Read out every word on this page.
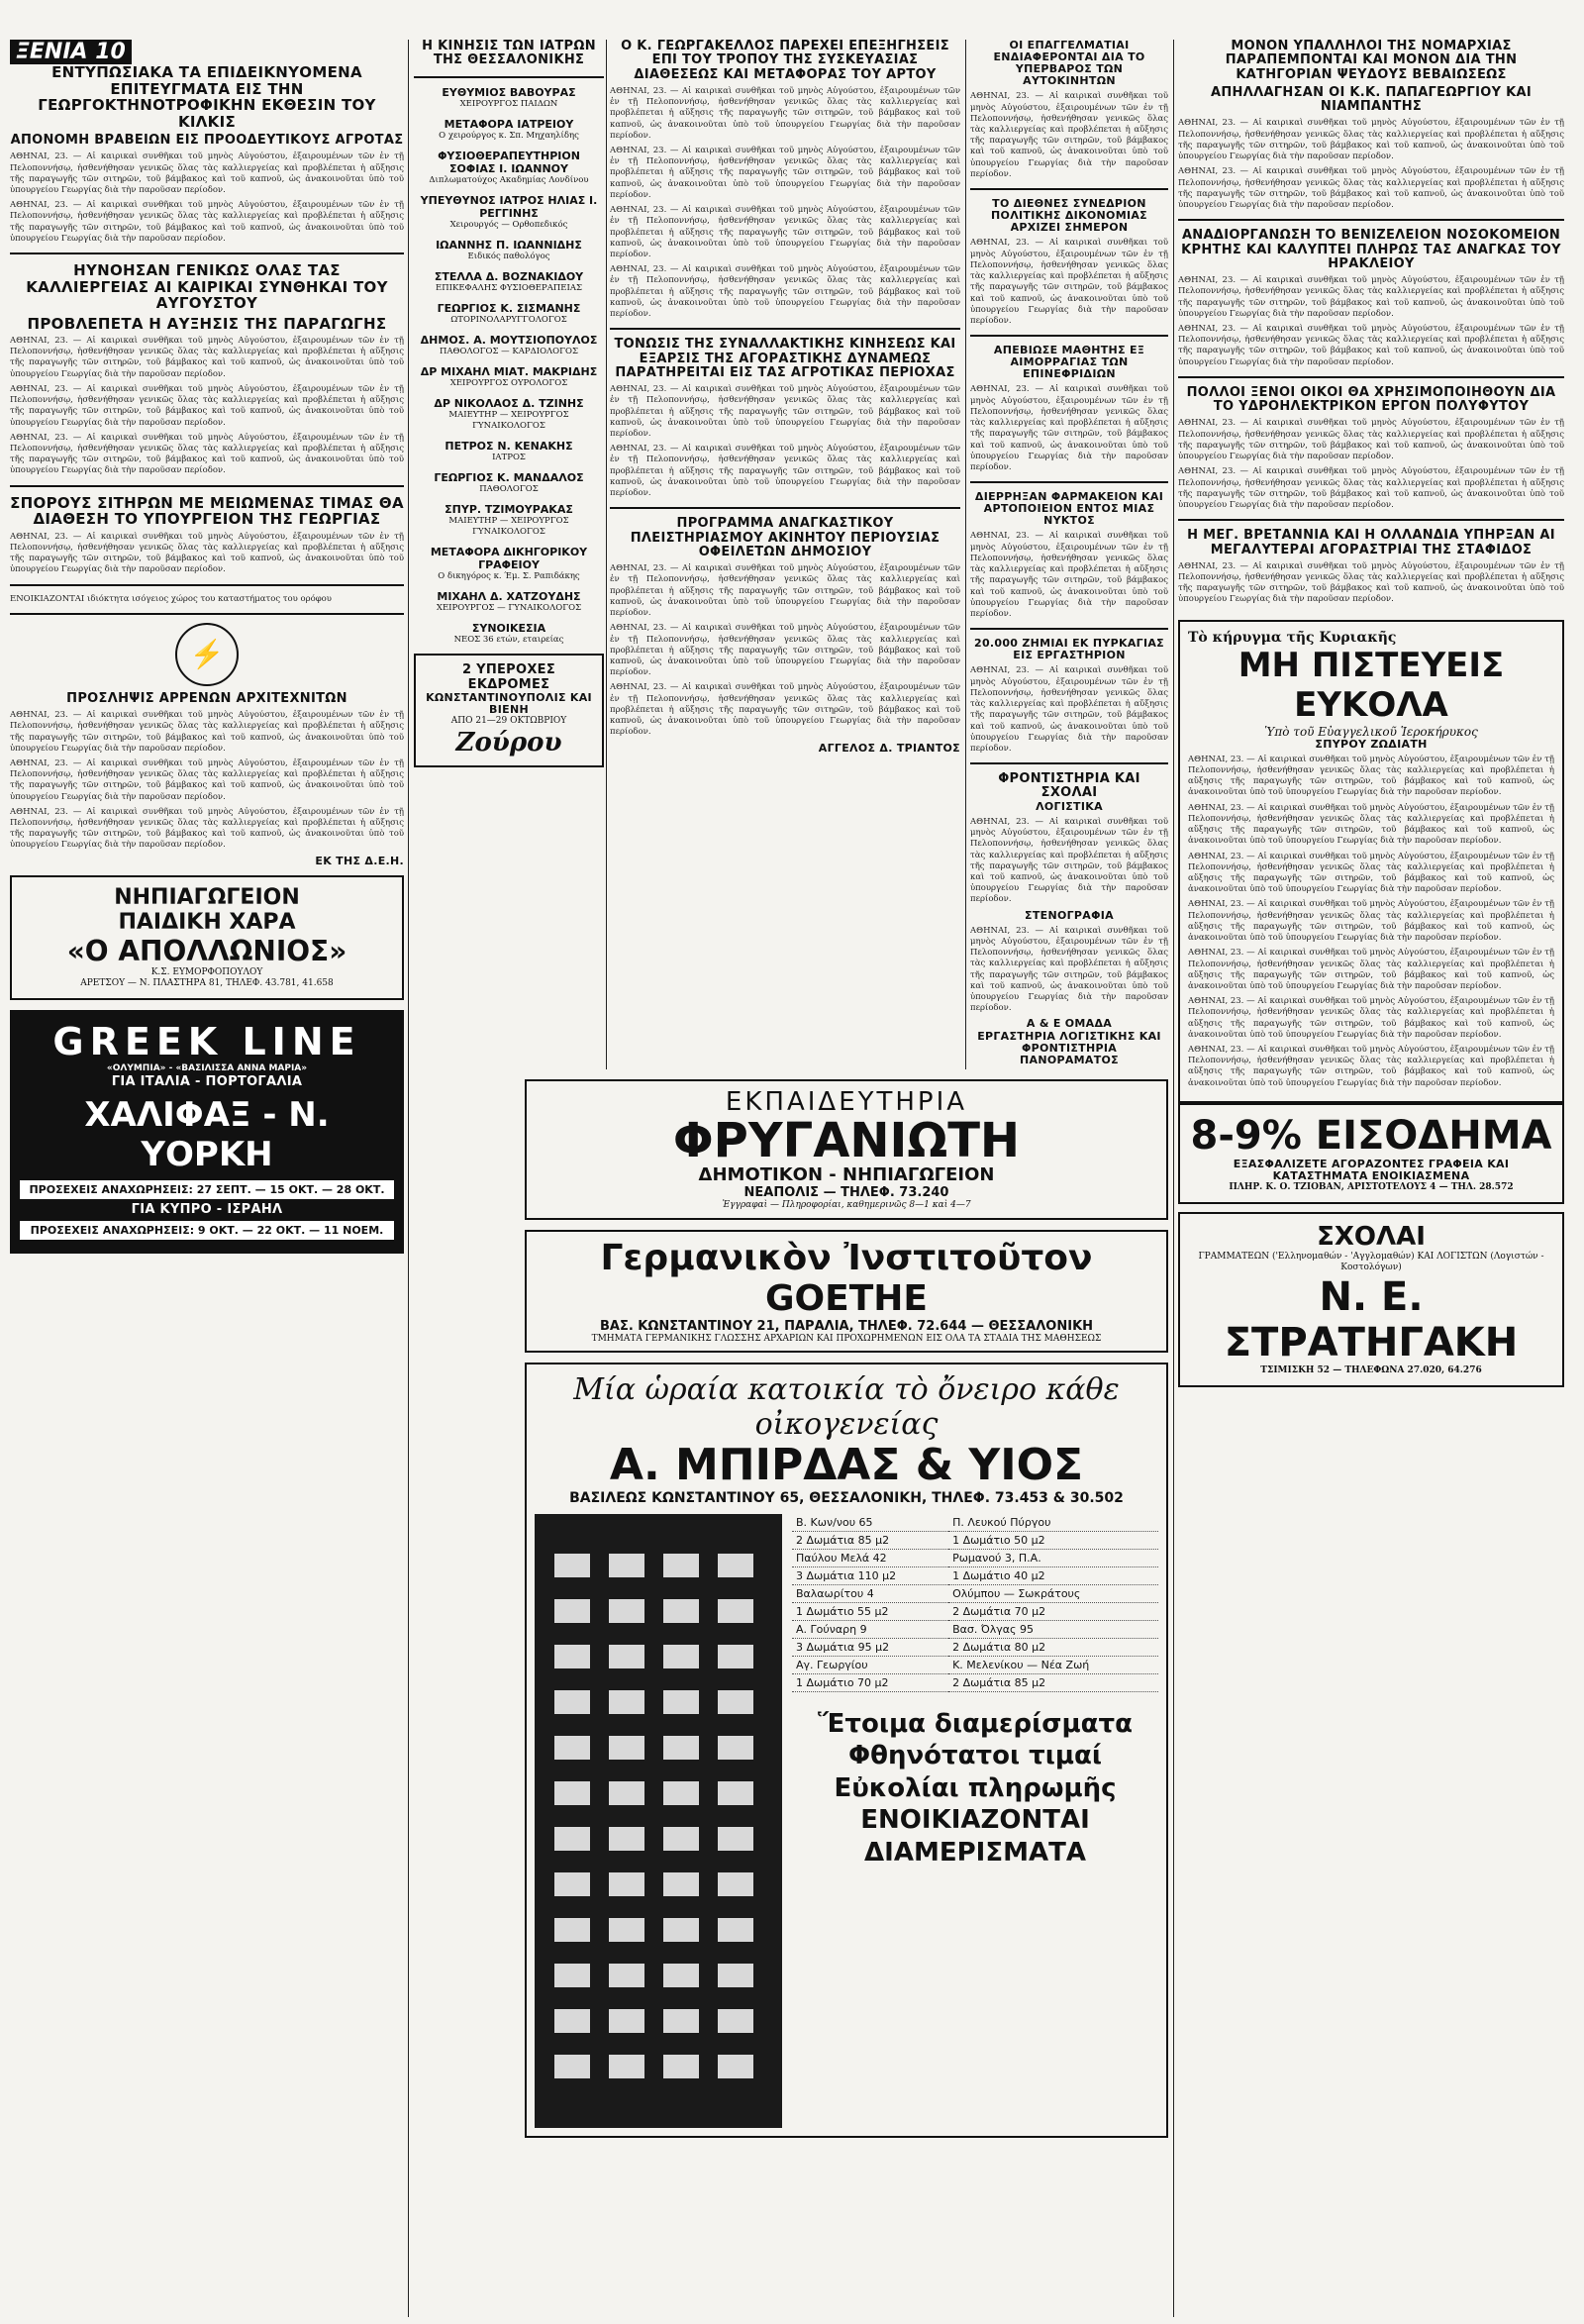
ΞΕΝΙΑ 10
ΕΝΤΥΠΩΣΙΑΚΑ ΤΑ ΕΠΙΔΕΙΚΝΥΟΜΕΝΑ ΕΠΙΤΕΥΓΜΑΤΑ ΕΙΣ ΤΗΝ ΓΕΩΡΓΟΚΤΗΝΟΤΡΟΦΙΚΗΝ ΕΚΘΕΣΙΝ ΤΟΥ ΚΙΛΚΙΣ
ΑΠΟΝΟΜΗ ΒΡΑΒΕΙΩΝ ΕΙΣ ΠΡΟΟΔΕΥΤΙΚΟΥΣ ΑΓΡΟΤΑΣ

ΑΘΗΝΑΙ, 23. — Αἱ καιρικαὶ συνθῆκαι τοῦ μηνὸς Αὐγούστου, ἐξαιρουμένων τῶν ἐν τῇ Πελοποννήσῳ, ἠσθενήθησαν γενικῶς ὅλας τὰς καλλιεργείας καὶ προβλέπεται ἡ αὔξησις τῆς παραγωγῆς τῶν σιτηρῶν, τοῦ βάμβακος καὶ τοῦ καπνοῦ, ὡς ἀνακοινοῦται ὑπὸ τοῦ ὑπουργείου Γεωργίας διὰ τὴν παροῦσαν περίοδον.

ΑΘΗΝΑΙ, 23. — Αἱ καιρικαὶ συνθῆκαι τοῦ μηνὸς Αὐγούστου, ἐξαιρουμένων τῶν ἐν τῇ Πελοποννήσῳ, ἠσθενήθησαν γενικῶς ὅλας τὰς καλλιεργείας καὶ προβλέπεται ἡ αὔξησις τῆς παραγωγῆς τῶν σιτηρῶν, τοῦ βάμβακος καὶ τοῦ καπνοῦ, ὡς ἀνακοινοῦται ὑπὸ τοῦ ὑπουργείου Γεωργίας διὰ τὴν παροῦσαν περίοδον.

ΗΥΝΟΗΣΑΝ ΓΕΝΙΚΩΣ ΟΛΑΣ ΤΑΣ ΚΑΛΛΙΕΡΓΕΙΑΣ ΑΙ ΚΑΙΡΙΚΑΙ ΣΥΝΘΗΚΑΙ ΤΟΥ ΑΥΓΟΥΣΤΟΥ
ΠΡΟΒΛΕΠΕΤΑ Η ΑΥΞΗΣΙΣ ΤΗΣ ΠΑΡΑΓΩΓΗΣ

ΑΘΗΝΑΙ, 23. — Αἱ καιρικαὶ συνθῆκαι τοῦ μηνὸς Αὐγούστου, ἐξαιρουμένων τῶν ἐν τῇ Πελοποννήσῳ, ἠσθενήθησαν γενικῶς ὅλας τὰς καλλιεργείας καὶ προβλέπεται ἡ αὔξησις τῆς παραγωγῆς τῶν σιτηρῶν, τοῦ βάμβακος καὶ τοῦ καπνοῦ, ὡς ἀνακοινοῦται ὑπὸ τοῦ ὑπουργείου Γεωργίας διὰ τὴν παροῦσαν περίοδον.

ΑΘΗΝΑΙ, 23. — Αἱ καιρικαὶ συνθῆκαι τοῦ μηνὸς Αὐγούστου, ἐξαιρουμένων τῶν ἐν τῇ Πελοποννήσῳ, ἠσθενήθησαν γενικῶς ὅλας τὰς καλλιεργείας καὶ προβλέπεται ἡ αὔξησις τῆς παραγωγῆς τῶν σιτηρῶν, τοῦ βάμβακος καὶ τοῦ καπνοῦ, ὡς ἀνακοινοῦται ὑπὸ τοῦ ὑπουργείου Γεωργίας διὰ τὴν παροῦσαν περίοδον.

ΑΘΗΝΑΙ, 23. — Αἱ καιρικαὶ συνθῆκαι τοῦ μηνὸς Αὐγούστου, ἐξαιρουμένων τῶν ἐν τῇ Πελοποννήσῳ, ἠσθενήθησαν γενικῶς ὅλας τὰς καλλιεργείας καὶ προβλέπεται ἡ αὔξησις τῆς παραγωγῆς τῶν σιτηρῶν, τοῦ βάμβακος καὶ τοῦ καπνοῦ, ὡς ἀνακοινοῦται ὑπὸ τοῦ ὑπουργείου Γεωργίας διὰ τὴν παροῦσαν περίοδον.

ΣΠΟΡΟΥΣ ΣΙΤΗΡΩΝ ΜΕ ΜΕΙΩΜΕΝΑΣ ΤΙΜΑΣ ΘΑ ΔΙΑΘΕΣΗ ΤΟ ΥΠΟΥΡΓΕΙΟΝ ΤΗΣ ΓΕΩΡΓΙΑΣ

ΑΘΗΝΑΙ, 23. — Αἱ καιρικαὶ συνθῆκαι τοῦ μηνὸς Αὐγούστου, ἐξαιρουμένων τῶν ἐν τῇ Πελοποννήσῳ, ἠσθενήθησαν γενικῶς ὅλας τὰς καλλιεργείας καὶ προβλέπεται ἡ αὔξησις τῆς παραγωγῆς τῶν σιτηρῶν, τοῦ βάμβακος καὶ τοῦ καπνοῦ, ὡς ἀνακοινοῦται ὑπὸ τοῦ ὑπουργείου Γεωργίας διὰ τὴν παροῦσαν περίοδον.

ΕΝΟΙΚΙΑΖΟΝΤΑΙ ιδιόκτητα ισόγειος χώρος του καταστήματος του ορόφου

⚡
ΠΡΟΣΛΗΨΙΣ ΑΡΡΕΝΩΝ ΑΡΧΙΤΕΧΝΙΤΩΝ

ΑΘΗΝΑΙ, 23. — Αἱ καιρικαὶ συνθῆκαι τοῦ μηνὸς Αὐγούστου, ἐξαιρουμένων τῶν ἐν τῇ Πελοποννήσῳ, ἠσθενήθησαν γενικῶς ὅλας τὰς καλλιεργείας καὶ προβλέπεται ἡ αὔξησις τῆς παραγωγῆς τῶν σιτηρῶν, τοῦ βάμβακος καὶ τοῦ καπνοῦ, ὡς ἀνακοινοῦται ὑπὸ τοῦ ὑπουργείου Γεωργίας διὰ τὴν παροῦσαν περίοδον.

ΑΘΗΝΑΙ, 23. — Αἱ καιρικαὶ συνθῆκαι τοῦ μηνὸς Αὐγούστου, ἐξαιρουμένων τῶν ἐν τῇ Πελοποννήσῳ, ἠσθενήθησαν γενικῶς ὅλας τὰς καλλιεργείας καὶ προβλέπεται ἡ αὔξησις τῆς παραγωγῆς τῶν σιτηρῶν, τοῦ βάμβακος καὶ τοῦ καπνοῦ, ὡς ἀνακοινοῦται ὑπὸ τοῦ ὑπουργείου Γεωργίας διὰ τὴν παροῦσαν περίοδον.

ΑΘΗΝΑΙ, 23. — Αἱ καιρικαὶ συνθῆκαι τοῦ μηνὸς Αὐγούστου, ἐξαιρουμένων τῶν ἐν τῇ Πελοποννήσῳ, ἠσθενήθησαν γενικῶς ὅλας τὰς καλλιεργείας καὶ προβλέπεται ἡ αὔξησις τῆς παραγωγῆς τῶν σιτηρῶν, τοῦ βάμβακος καὶ τοῦ καπνοῦ, ὡς ἀνακοινοῦται ὑπὸ τοῦ ὑπουργείου Γεωργίας διὰ τὴν παροῦσαν περίοδον.

ΕΚ ΤΗΣ Δ.Ε.Η.
ΝΗΠΙΑΓΩΓΕΙΟΝ
ΠΑΙΔΙΚΗ ΧΑΡΑ
«Ο ΑΠΟΛΛΩΝΙΟΣ»
Κ.Σ. ΕΥΜΟΡΦΟΠΟΥΛΟΥ
ΑΡΕΤΣΟΥ — Ν. ΠΛΑΣΤΗΡΑ 81, ΤΗΛΕΦ. 43.781, 41.658
GREEK LINE
«ΟΛΥΜΠΙΑ» - «ΒΑΣΙΛΙΣΣΑ ΑΝΝΑ ΜΑΡΙΑ»
ΓΙΑ ΙΤΑΛΙΑ - ΠΟΡΤΟΓΑΛΙΑ
ΧΑΛΙΦΑΞ - Ν. ΥΟΡΚΗ
ΠΡΟΣΕΧΕΙΣ ΑΝΑΧΩΡΗΣΕΙΣ: 27 ΣΕΠΤ. — 15 ΟΚΤ. — 28 ΟΚΤ.
ΓΙΑ ΚΥΠΡΟ - ΙΣΡΑΗΛ
ΠΡΟΣΕΧΕΙΣ ΑΝΑΧΩΡΗΣΕΙΣ: 9 ΟΚΤ. — 22 ΟΚΤ. — 11 ΝΟΕΜ.
Η ΚΙΝΗΣΙΣ ΤΩΝ ΙΑΤΡΩΝ ΤΗΣ ΘΕΣΣΑΛΟΝΙΚΗΣ
ΕΥΘΥΜΙΟΣ ΒΑΒΟΥΡΑΣ
ΧΕΙΡΟΥΡΓΟΣ ΠΑΙΔΩΝ
ΜΕΤΑΦΟΡΑ ΙΑΤΡΕΙΟΥ
Ο χειρούργος κ. Σπ. Μηχαηλίδης
ΦΥΣΙΟΘΕΡΑΠΕΥΤΗΡΙΟΝ ΣΟΦΙΑΣ Ι. ΙΩΑΝΝΟΥ
Διπλωματούχος Ακαδημίας Λονδίνου
ΥΠΕΥΘΥΝΟΣ ΙΑΤΡΟΣ ΗΛΙΑΣ Ι. ΡΕΓΓΙΝΗΣ
Χειρουργός — Ορθοπεδικός
ΙΩΑΝΝΗΣ Π. ΙΩΑΝΝΙΔΗΣ
Ειδικός παθολόγος
ΣΤΕΛΛΑ Δ. ΒΟΖΝΑΚΙΔΟΥ
ΕΠΙΚΕΦΑΛΗΣ ΦΥΣΙΟΘΕΡΑΠΕΙΑΣ
ΓΕΩΡΓΙΟΣ Κ. ΣΙΣΜΑΝΗΣ
ΩΤΟΡΙΝΟΛΑΡΥΓΓΟΛΟΓΟΣ
ΔΗΜΟΣ. Α. ΜΟΥΤΣΙΟΠΟΥΛΟΣ
ΠΑΘΟΛΟΓΟΣ — ΚΑΡΔΙΟΛΟΓΟΣ
ΔΡ ΜΙΧΑΗΛ ΜΙΑΤ. ΜΑΚΡΙΔΗΣ
ΧΕΙΡΟΥΡΓΟΣ ΟΥΡΟΛΟΓΟΣ
ΔΡ ΝΙΚΟΛΑΟΣ Δ. ΤΖΙΝΗΣ
ΜΑΙΕΥΤΗΡ — ΧΕΙΡΟΥΡΓΟΣ ΓΥΝΑΙΚΟΛΟΓΟΣ
ΠΕΤΡΟΣ Ν. ΚΕΝΑΚΗΣ
ΙΑΤΡΟΣ
ΓΕΩΡΓΙΟΣ Κ. ΜΑΝΔΑΛΟΣ
ΠΑΘΟΛΟΓΟΣ
ΣΠΥΡ. ΤΖΙΜΟΥΡΑΚΑΣ
ΜΑΙΕΥΤΗΡ — ΧΕΙΡΟΥΡΓΟΣ ΓΥΝΑΙΚΟΛΟΓΟΣ
ΜΕΤΑΦΟΡΑ ΔΙΚΗΓΟΡΙΚΟΥ ΓΡΑΦΕΙΟΥ
Ο δικηγόρος κ. Έμ. Σ. Ραπιδάκης
ΜΙΧΑΗΛ Δ. ΧΑΤΖΟΥΔΗΣ
ΧΕΙΡΟΥΡΓΟΣ — ΓΥΝΑΙΚΟΛΟΓΟΣ
ΣΥΝΟΙΚΕΣΙΑ
ΝΕΟΣ 36 ετών, εταιρείας
2 ΥΠΕΡΟΧΕΣ ΕΚΔΡΟΜΕΣ
ΚΩΝΣΤΑΝΤΙΝΟΥΠΟΛΙΣ ΚΑΙ ΒΙΕΝΗ
ΑΠΟ 21—29 ΟΚΤΩΒΡΙΟΥ
Ζούρου
Ο Κ. ΓΕΩΡΓΑΚΕΛΛΟΣ ΠΑΡΕΧΕΙ ΕΠΕΞΗΓΗΣΕΙΣ ΕΠΙ ΤΟΥ ΤΡΟΠΟΥ ΤΗΣ ΣΥΣΚΕΥΑΣΙΑΣ ΔΙΑΘΕΣΕΩΣ ΚΑΙ ΜΕΤΑΦΟΡΑΣ ΤΟΥ ΑΡΤΟΥ

ΑΘΗΝΑΙ, 23. — Αἱ καιρικαὶ συνθῆκαι τοῦ μηνὸς Αὐγούστου, ἐξαιρουμένων τῶν ἐν τῇ Πελοποννήσῳ, ἠσθενήθησαν γενικῶς ὅλας τὰς καλλιεργείας καὶ προβλέπεται ἡ αὔξησις τῆς παραγωγῆς τῶν σιτηρῶν, τοῦ βάμβακος καὶ τοῦ καπνοῦ, ὡς ἀνακοινοῦται ὑπὸ τοῦ ὑπουργείου Γεωργίας διὰ τὴν παροῦσαν περίοδον.

ΑΘΗΝΑΙ, 23. — Αἱ καιρικαὶ συνθῆκαι τοῦ μηνὸς Αὐγούστου, ἐξαιρουμένων τῶν ἐν τῇ Πελοποννήσῳ, ἠσθενήθησαν γενικῶς ὅλας τὰς καλλιεργείας καὶ προβλέπεται ἡ αὔξησις τῆς παραγωγῆς τῶν σιτηρῶν, τοῦ βάμβακος καὶ τοῦ καπνοῦ, ὡς ἀνακοινοῦται ὑπὸ τοῦ ὑπουργείου Γεωργίας διὰ τὴν παροῦσαν περίοδον.

ΑΘΗΝΑΙ, 23. — Αἱ καιρικαὶ συνθῆκαι τοῦ μηνὸς Αὐγούστου, ἐξαιρουμένων τῶν ἐν τῇ Πελοποννήσῳ, ἠσθενήθησαν γενικῶς ὅλας τὰς καλλιεργείας καὶ προβλέπεται ἡ αὔξησις τῆς παραγωγῆς τῶν σιτηρῶν, τοῦ βάμβακος καὶ τοῦ καπνοῦ, ὡς ἀνακοινοῦται ὑπὸ τοῦ ὑπουργείου Γεωργίας διὰ τὴν παροῦσαν περίοδον.

ΑΘΗΝΑΙ, 23. — Αἱ καιρικαὶ συνθῆκαι τοῦ μηνὸς Αὐγούστου, ἐξαιρουμένων τῶν ἐν τῇ Πελοποννήσῳ, ἠσθενήθησαν γενικῶς ὅλας τὰς καλλιεργείας καὶ προβλέπεται ἡ αὔξησις τῆς παραγωγῆς τῶν σιτηρῶν, τοῦ βάμβακος καὶ τοῦ καπνοῦ, ὡς ἀνακοινοῦται ὑπὸ τοῦ ὑπουργείου Γεωργίας διὰ τὴν παροῦσαν περίοδον.

ΤΟΝΩΣΙΣ ΤΗΣ ΣΥΝΑΛΛΑΚΤΙΚΗΣ ΚΙΝΗΣΕΩΣ ΚΑΙ ΕΞΑΡΣΙΣ ΤΗΣ ΑΓΟΡΑΣΤΙΚΗΣ ΔΥΝΑΜΕΩΣ ΠΑΡΑΤΗΡΕΙΤΑΙ ΕΙΣ ΤΑΣ ΑΓΡΟΤΙΚΑΣ ΠΕΡΙΟΧΑΣ

ΑΘΗΝΑΙ, 23. — Αἱ καιρικαὶ συνθῆκαι τοῦ μηνὸς Αὐγούστου, ἐξαιρουμένων τῶν ἐν τῇ Πελοποννήσῳ, ἠσθενήθησαν γενικῶς ὅλας τὰς καλλιεργείας καὶ προβλέπεται ἡ αὔξησις τῆς παραγωγῆς τῶν σιτηρῶν, τοῦ βάμβακος καὶ τοῦ καπνοῦ, ὡς ἀνακοινοῦται ὑπὸ τοῦ ὑπουργείου Γεωργίας διὰ τὴν παροῦσαν περίοδον.

ΑΘΗΝΑΙ, 23. — Αἱ καιρικαὶ συνθῆκαι τοῦ μηνὸς Αὐγούστου, ἐξαιρουμένων τῶν ἐν τῇ Πελοποννήσῳ, ἠσθενήθησαν γενικῶς ὅλας τὰς καλλιεργείας καὶ προβλέπεται ἡ αὔξησις τῆς παραγωγῆς τῶν σιτηρῶν, τοῦ βάμβακος καὶ τοῦ καπνοῦ, ὡς ἀνακοινοῦται ὑπὸ τοῦ ὑπουργείου Γεωργίας διὰ τὴν παροῦσαν περίοδον.

ΠΡΟΓΡΑΜΜΑ ΑΝΑΓΚΑΣΤΙΚΟΥ ΠΛΕΙΣΤΗΡΙΑΣΜΟΥ ΑΚΙΝΗΤΟΥ ΠΕΡΙΟΥΣΙΑΣ ΟΦΕΙΛΕΤΩΝ ΔΗΜΟΣΙΟΥ

ΑΘΗΝΑΙ, 23. — Αἱ καιρικαὶ συνθῆκαι τοῦ μηνὸς Αὐγούστου, ἐξαιρουμένων τῶν ἐν τῇ Πελοποννήσῳ, ἠσθενήθησαν γενικῶς ὅλας τὰς καλλιεργείας καὶ προβλέπεται ἡ αὔξησις τῆς παραγωγῆς τῶν σιτηρῶν, τοῦ βάμβακος καὶ τοῦ καπνοῦ, ὡς ἀνακοινοῦται ὑπὸ τοῦ ὑπουργείου Γεωργίας διὰ τὴν παροῦσαν περίοδον.

ΑΘΗΝΑΙ, 23. — Αἱ καιρικαὶ συνθῆκαι τοῦ μηνὸς Αὐγούστου, ἐξαιρουμένων τῶν ἐν τῇ Πελοποννήσῳ, ἠσθενήθησαν γενικῶς ὅλας τὰς καλλιεργείας καὶ προβλέπεται ἡ αὔξησις τῆς παραγωγῆς τῶν σιτηρῶν, τοῦ βάμβακος καὶ τοῦ καπνοῦ, ὡς ἀνακοινοῦται ὑπὸ τοῦ ὑπουργείου Γεωργίας διὰ τὴν παροῦσαν περίοδον.

ΑΘΗΝΑΙ, 23. — Αἱ καιρικαὶ συνθῆκαι τοῦ μηνὸς Αὐγούστου, ἐξαιρουμένων τῶν ἐν τῇ Πελοποννήσῳ, ἠσθενήθησαν γενικῶς ὅλας τὰς καλλιεργείας καὶ προβλέπεται ἡ αὔξησις τῆς παραγωγῆς τῶν σιτηρῶν, τοῦ βάμβακος καὶ τοῦ καπνοῦ, ὡς ἀνακοινοῦται ὑπὸ τοῦ ὑπουργείου Γεωργίας διὰ τὴν παροῦσαν περίοδον.

ΑΓΓΕΛΟΣ Δ. ΤΡΙΑΝΤΟΣ
ΟΙ ΕΠΑΓΓΕΛΜΑΤΙΑΙ ΕΝΔΙΑΦΕΡΟΝΤΑΙ ΔΙΑ ΤΟ ΥΠΕΡΒΑΡΟΣ ΤΩΝ ΑΥΤΟΚΙΝΗΤΩΝ

ΑΘΗΝΑΙ, 23. — Αἱ καιρικαὶ συνθῆκαι τοῦ μηνὸς Αὐγούστου, ἐξαιρουμένων τῶν ἐν τῇ Πελοποννήσῳ, ἠσθενήθησαν γενικῶς ὅλας τὰς καλλιεργείας καὶ προβλέπεται ἡ αὔξησις τῆς παραγωγῆς τῶν σιτηρῶν, τοῦ βάμβακος καὶ τοῦ καπνοῦ, ὡς ἀνακοινοῦται ὑπὸ τοῦ ὑπουργείου Γεωργίας διὰ τὴν παροῦσαν περίοδον.

ΤΟ ΔΙΕΘΝΕΣ ΣΥΝΕΔΡΙΟΝ ΠΟΛΙΤΙΚΗΣ ΔΙΚΟΝΟΜΙΑΣ ΑΡΧΙΖΕΙ ΣΗΜΕΡΟΝ

ΑΘΗΝΑΙ, 23. — Αἱ καιρικαὶ συνθῆκαι τοῦ μηνὸς Αὐγούστου, ἐξαιρουμένων τῶν ἐν τῇ Πελοποννήσῳ, ἠσθενήθησαν γενικῶς ὅλας τὰς καλλιεργείας καὶ προβλέπεται ἡ αὔξησις τῆς παραγωγῆς τῶν σιτηρῶν, τοῦ βάμβακος καὶ τοῦ καπνοῦ, ὡς ἀνακοινοῦται ὑπὸ τοῦ ὑπουργείου Γεωργίας διὰ τὴν παροῦσαν περίοδον.

ΑΠΕΒΙΩΣΕ ΜΑΘΗΤΗΣ ΕΞ ΑΙΜΟΡΡΑΓΙΑΣ ΤΩΝ ΕΠΙΝΕΦΡΙΔΙΩΝ

ΑΘΗΝΑΙ, 23. — Αἱ καιρικαὶ συνθῆκαι τοῦ μηνὸς Αὐγούστου, ἐξαιρουμένων τῶν ἐν τῇ Πελοποννήσῳ, ἠσθενήθησαν γενικῶς ὅλας τὰς καλλιεργείας καὶ προβλέπεται ἡ αὔξησις τῆς παραγωγῆς τῶν σιτηρῶν, τοῦ βάμβακος καὶ τοῦ καπνοῦ, ὡς ἀνακοινοῦται ὑπὸ τοῦ ὑπουργείου Γεωργίας διὰ τὴν παροῦσαν περίοδον.

ΔΙΕΡΡΗΞΑΝ ΦΑΡΜΑΚΕΙΟΝ ΚΑΙ ΑΡΤΟΠΟΙΕΙΟΝ ΕΝΤΟΣ ΜΙΑΣ ΝΥΚΤΟΣ

ΑΘΗΝΑΙ, 23. — Αἱ καιρικαὶ συνθῆκαι τοῦ μηνὸς Αὐγούστου, ἐξαιρουμένων τῶν ἐν τῇ Πελοποννήσῳ, ἠσθενήθησαν γενικῶς ὅλας τὰς καλλιεργείας καὶ προβλέπεται ἡ αὔξησις τῆς παραγωγῆς τῶν σιτηρῶν, τοῦ βάμβακος καὶ τοῦ καπνοῦ, ὡς ἀνακοινοῦται ὑπὸ τοῦ ὑπουργείου Γεωργίας διὰ τὴν παροῦσαν περίοδον.

20.000 ΖΗΜΙΑΙ ΕΚ ΠΥΡΚΑΓΙΑΣ ΕΙΣ ΕΡΓΑΣΤΗΡΙΟΝ

ΑΘΗΝΑΙ, 23. — Αἱ καιρικαὶ συνθῆκαι τοῦ μηνὸς Αὐγούστου, ἐξαιρουμένων τῶν ἐν τῇ Πελοποννήσῳ, ἠσθενήθησαν γενικῶς ὅλας τὰς καλλιεργείας καὶ προβλέπεται ἡ αὔξησις τῆς παραγωγῆς τῶν σιτηρῶν, τοῦ βάμβακος καὶ τοῦ καπνοῦ, ὡς ἀνακοινοῦται ὑπὸ τοῦ ὑπουργείου Γεωργίας διὰ τὴν παροῦσαν περίοδον.

ΦΡΟΝΤΙΣΤΗΡΙΑ ΚΑΙ ΣΧΟΛΑΙ
ΛΟΓΙΣΤΙΚΑ

ΑΘΗΝΑΙ, 23. — Αἱ καιρικαὶ συνθῆκαι τοῦ μηνὸς Αὐγούστου, ἐξαιρουμένων τῶν ἐν τῇ Πελοποννήσῳ, ἠσθενήθησαν γενικῶς ὅλας τὰς καλλιεργείας καὶ προβλέπεται ἡ αὔξησις τῆς παραγωγῆς τῶν σιτηρῶν, τοῦ βάμβακος καὶ τοῦ καπνοῦ, ὡς ἀνακοινοῦται ὑπὸ τοῦ ὑπουργείου Γεωργίας διὰ τὴν παροῦσαν περίοδον.

ΣΤΕΝΟΓΡΑΦΙΑ

ΑΘΗΝΑΙ, 23. — Αἱ καιρικαὶ συνθῆκαι τοῦ μηνὸς Αὐγούστου, ἐξαιρουμένων τῶν ἐν τῇ Πελοποννήσῳ, ἠσθενήθησαν γενικῶς ὅλας τὰς καλλιεργείας καὶ προβλέπεται ἡ αὔξησις τῆς παραγωγῆς τῶν σιτηρῶν, τοῦ βάμβακος καὶ τοῦ καπνοῦ, ὡς ἀνακοινοῦται ὑπὸ τοῦ ὑπουργείου Γεωργίας διὰ τὴν παροῦσαν περίοδον.

Α & Ε ΟΜΑΔΑ
ΕΡΓΑΣΤΗΡΙΑ ΛΟΓΙΣΤΙΚΗΣ ΚΑΙ ΦΡΟΝΤΙΣΤΗΡΙΑ ΠΑΝΟΡΑΜΑΤΟΣ
ΜΟΝΟΝ ΥΠΑΛΛΗΛΟΙ ΤΗΣ ΝΟΜΑΡΧΙΑΣ ΠΑΡΑΠΕΜΠΟΝΤΑΙ ΚΑΙ ΜΟΝΟΝ ΔΙΑ ΤΗΝ ΚΑΤΗΓΟΡΙΑΝ ΨΕΥΔΟΥΣ ΒΕΒΑΙΩΣΕΩΣ
ΑΠΗΛΛΑΓΗΣΑΝ ΟΙ Κ.Κ. ΠΑΠΑΓΕΩΡΓΙΟΥ ΚΑΙ ΝΙΑΜΠΑΝΤΗΣ

ΑΘΗΝΑΙ, 23. — Αἱ καιρικαὶ συνθῆκαι τοῦ μηνὸς Αὐγούστου, ἐξαιρουμένων τῶν ἐν τῇ Πελοποννήσῳ, ἠσθενήθησαν γενικῶς ὅλας τὰς καλλιεργείας καὶ προβλέπεται ἡ αὔξησις τῆς παραγωγῆς τῶν σιτηρῶν, τοῦ βάμβακος καὶ τοῦ καπνοῦ, ὡς ἀνακοινοῦται ὑπὸ τοῦ ὑπουργείου Γεωργίας διὰ τὴν παροῦσαν περίοδον.

ΑΘΗΝΑΙ, 23. — Αἱ καιρικαὶ συνθῆκαι τοῦ μηνὸς Αὐγούστου, ἐξαιρουμένων τῶν ἐν τῇ Πελοποννήσῳ, ἠσθενήθησαν γενικῶς ὅλας τὰς καλλιεργείας καὶ προβλέπεται ἡ αὔξησις τῆς παραγωγῆς τῶν σιτηρῶν, τοῦ βάμβακος καὶ τοῦ καπνοῦ, ὡς ἀνακοινοῦται ὑπὸ τοῦ ὑπουργείου Γεωργίας διὰ τὴν παροῦσαν περίοδον.

ΑΝΑΔΙΟΡΓΑΝΩΣΗ ΤΟ ΒΕΝΙΖΕΛΕΙΟΝ ΝΟΣΟΚΟΜΕΙΟΝ ΚΡΗΤΗΣ ΚΑΙ ΚΑΛΥΠΤΕΙ ΠΛΗΡΩΣ ΤΑΣ ΑΝΑΓΚΑΣ ΤΟΥ ΗΡΑΚΛΕΙΟΥ

ΑΘΗΝΑΙ, 23. — Αἱ καιρικαὶ συνθῆκαι τοῦ μηνὸς Αὐγούστου, ἐξαιρουμένων τῶν ἐν τῇ Πελοποννήσῳ, ἠσθενήθησαν γενικῶς ὅλας τὰς καλλιεργείας καὶ προβλέπεται ἡ αὔξησις τῆς παραγωγῆς τῶν σιτηρῶν, τοῦ βάμβακος καὶ τοῦ καπνοῦ, ὡς ἀνακοινοῦται ὑπὸ τοῦ ὑπουργείου Γεωργίας διὰ τὴν παροῦσαν περίοδον.

ΑΘΗΝΑΙ, 23. — Αἱ καιρικαὶ συνθῆκαι τοῦ μηνὸς Αὐγούστου, ἐξαιρουμένων τῶν ἐν τῇ Πελοποννήσῳ, ἠσθενήθησαν γενικῶς ὅλας τὰς καλλιεργείας καὶ προβλέπεται ἡ αὔξησις τῆς παραγωγῆς τῶν σιτηρῶν, τοῦ βάμβακος καὶ τοῦ καπνοῦ, ὡς ἀνακοινοῦται ὑπὸ τοῦ ὑπουργείου Γεωργίας διὰ τὴν παροῦσαν περίοδον.

ΠΟΛΛΟΙ ΞΕΝΟΙ ΟΙΚΟΙ ΘΑ ΧΡΗΣΙΜΟΠΟΙΗΘΟΥΝ ΔΙΑ ΤΟ ΥΔΡΟΗΛΕΚΤΡΙΚΟΝ ΕΡΓΟΝ ΠΟΛΥΦΥΤΟΥ

ΑΘΗΝΑΙ, 23. — Αἱ καιρικαὶ συνθῆκαι τοῦ μηνὸς Αὐγούστου, ἐξαιρουμένων τῶν ἐν τῇ Πελοποννήσῳ, ἠσθενήθησαν γενικῶς ὅλας τὰς καλλιεργείας καὶ προβλέπεται ἡ αὔξησις τῆς παραγωγῆς τῶν σιτηρῶν, τοῦ βάμβακος καὶ τοῦ καπνοῦ, ὡς ἀνακοινοῦται ὑπὸ τοῦ ὑπουργείου Γεωργίας διὰ τὴν παροῦσαν περίοδον.

ΑΘΗΝΑΙ, 23. — Αἱ καιρικαὶ συνθῆκαι τοῦ μηνὸς Αὐγούστου, ἐξαιρουμένων τῶν ἐν τῇ Πελοποννήσῳ, ἠσθενήθησαν γενικῶς ὅλας τὰς καλλιεργείας καὶ προβλέπεται ἡ αὔξησις τῆς παραγωγῆς τῶν σιτηρῶν, τοῦ βάμβακος καὶ τοῦ καπνοῦ, ὡς ἀνακοινοῦται ὑπὸ τοῦ ὑπουργείου Γεωργίας διὰ τὴν παροῦσαν περίοδον.

Η ΜΕΓ. ΒΡΕΤΑΝΝΙΑ ΚΑΙ Η ΟΛΛΑΝΔΙΑ ΥΠΗΡΞΑΝ ΑΙ ΜΕΓΑΛΥΤΕΡΑΙ ΑΓΟΡΑΣΤΡΙΑΙ ΤΗΣ ΣΤΑΦΙΔΟΣ

ΑΘΗΝΑΙ, 23. — Αἱ καιρικαὶ συνθῆκαι τοῦ μηνὸς Αὐγούστου, ἐξαιρουμένων τῶν ἐν τῇ Πελοποννήσῳ, ἠσθενήθησαν γενικῶς ὅλας τὰς καλλιεργείας καὶ προβλέπεται ἡ αὔξησις τῆς παραγωγῆς τῶν σιτηρῶν, τοῦ βάμβακος καὶ τοῦ καπνοῦ, ὡς ἀνακοινοῦται ὑπὸ τοῦ ὑπουργείου Γεωργίας διὰ τὴν παροῦσαν περίοδον.

Τὸ κήρυγμα τῆς Κυριακῆς
ΜΗ ΠΙΣΤΕΥΕΙΣ ΕΥΚΟΛΑ
Ὑπὸ τοῦ Εὐαγγελικοῦ Ἱεροκήρυκος
ΣΠΥΡΟΥ ΖΩΔΙΑΤΗ

ΑΘΗΝΑΙ, 23. — Αἱ καιρικαὶ συνθῆκαι τοῦ μηνὸς Αὐγούστου, ἐξαιρουμένων τῶν ἐν τῇ Πελοποννήσῳ, ἠσθενήθησαν γενικῶς ὅλας τὰς καλλιεργείας καὶ προβλέπεται ἡ αὔξησις τῆς παραγωγῆς τῶν σιτηρῶν, τοῦ βάμβακος καὶ τοῦ καπνοῦ, ὡς ἀνακοινοῦται ὑπὸ τοῦ ὑπουργείου Γεωργίας διὰ τὴν παροῦσαν περίοδον.

ΑΘΗΝΑΙ, 23. — Αἱ καιρικαὶ συνθῆκαι τοῦ μηνὸς Αὐγούστου, ἐξαιρουμένων τῶν ἐν τῇ Πελοποννήσῳ, ἠσθενήθησαν γενικῶς ὅλας τὰς καλλιεργείας καὶ προβλέπεται ἡ αὔξησις τῆς παραγωγῆς τῶν σιτηρῶν, τοῦ βάμβακος καὶ τοῦ καπνοῦ, ὡς ἀνακοινοῦται ὑπὸ τοῦ ὑπουργείου Γεωργίας διὰ τὴν παροῦσαν περίοδον.

ΑΘΗΝΑΙ, 23. — Αἱ καιρικαὶ συνθῆκαι τοῦ μηνὸς Αὐγούστου, ἐξαιρουμένων τῶν ἐν τῇ Πελοποννήσῳ, ἠσθενήθησαν γενικῶς ὅλας τὰς καλλιεργείας καὶ προβλέπεται ἡ αὔξησις τῆς παραγωγῆς τῶν σιτηρῶν, τοῦ βάμβακος καὶ τοῦ καπνοῦ, ὡς ἀνακοινοῦται ὑπὸ τοῦ ὑπουργείου Γεωργίας διὰ τὴν παροῦσαν περίοδον.

ΑΘΗΝΑΙ, 23. — Αἱ καιρικαὶ συνθῆκαι τοῦ μηνὸς Αὐγούστου, ἐξαιρουμένων τῶν ἐν τῇ Πελοποννήσῳ, ἠσθενήθησαν γενικῶς ὅλας τὰς καλλιεργείας καὶ προβλέπεται ἡ αὔξησις τῆς παραγωγῆς τῶν σιτηρῶν, τοῦ βάμβακος καὶ τοῦ καπνοῦ, ὡς ἀνακοινοῦται ὑπὸ τοῦ ὑπουργείου Γεωργίας διὰ τὴν παροῦσαν περίοδον.

ΑΘΗΝΑΙ, 23. — Αἱ καιρικαὶ συνθῆκαι τοῦ μηνὸς Αὐγούστου, ἐξαιρουμένων τῶν ἐν τῇ Πελοποννήσῳ, ἠσθενήθησαν γενικῶς ὅλας τὰς καλλιεργείας καὶ προβλέπεται ἡ αὔξησις τῆς παραγωγῆς τῶν σιτηρῶν, τοῦ βάμβακος καὶ τοῦ καπνοῦ, ὡς ἀνακοινοῦται ὑπὸ τοῦ ὑπουργείου Γεωργίας διὰ τὴν παροῦσαν περίοδον.

ΑΘΗΝΑΙ, 23. — Αἱ καιρικαὶ συνθῆκαι τοῦ μηνὸς Αὐγούστου, ἐξαιρουμένων τῶν ἐν τῇ Πελοποννήσῳ, ἠσθενήθησαν γενικῶς ὅλας τὰς καλλιεργείας καὶ προβλέπεται ἡ αὔξησις τῆς παραγωγῆς τῶν σιτηρῶν, τοῦ βάμβακος καὶ τοῦ καπνοῦ, ὡς ἀνακοινοῦται ὑπὸ τοῦ ὑπουργείου Γεωργίας διὰ τὴν παροῦσαν περίοδον.

ΑΘΗΝΑΙ, 23. — Αἱ καιρικαὶ συνθῆκαι τοῦ μηνὸς Αὐγούστου, ἐξαιρουμένων τῶν ἐν τῇ Πελοποννήσῳ, ἠσθενήθησαν γενικῶς ὅλας τὰς καλλιεργείας καὶ προβλέπεται ἡ αὔξησις τῆς παραγωγῆς τῶν σιτηρῶν, τοῦ βάμβακος καὶ τοῦ καπνοῦ, ὡς ἀνακοινοῦται ὑπὸ τοῦ ὑπουργείου Γεωργίας διὰ τὴν παροῦσαν περίοδον.

8-9% ΕΙΣΟΔΗΜΑ
ΕΞΑΣΦΑΛΙΖΕΤΕ ΑΓΟΡΑΖΟΝΤΕΣ ΓΡΑΦΕΙΑ ΚΑΙ ΚΑΤΑΣΤΗΜΑΤΑ ΕΝΟΙΚΙΑΣΜΕΝΑ
ΠΛΗΡ. Κ. Ο. ΤΖΙΟΒΑΝ, ΑΡΙΣΤΟΤΕΛΟΥΣ 4 — ΤΗΛ. 28.572
ΣΧΟΛΑΙ
ΓΡΑΜΜΑΤΕΩΝ ('Ελληνομαθών - 'Αγγλομαθών) ΚΑΙ ΛΟΓΙΣΤΩΝ (Λογιστών - Κοστολόγων)
Ν. Ε. ΣΤΡΑΤΗΓΑΚΗ
ΤΣΙΜΙΣΚΗ 52 — ΤΗΛΕΦΩΝΑ 27.020, 64.276
ΕΚΠΑΙΔΕΥΤΗΡΙΑ
ΦΡΥΓΑΝΙΩΤΗ
ΔΗΜΟΤΙΚΟΝ - ΝΗΠΙΑΓΩΓΕΙΟΝ
ΝΕΑΠΟΛΙΣ — ΤΗΛΕΦ. 73.240
Ἐγγραφαὶ — Πληροφορίαι, καθημερινῶς 8—1 καὶ 4—7
Γερμανικὸν Ἰνστιτοῦτον GOETHE
ΒΑΣ. ΚΩΝΣΤΑΝΤΙΝΟΥ 21, ΠΑΡΑΛΙΑ, ΤΗΛΕΦ. 72.644 — ΘΕΣΣΑΛΟΝΙΚΗ
ΤΜΗΜΑΤΑ ΓΕΡΜΑΝΙΚΗΣ ΓΛΩΣΣΗΣ ΑΡΧΑΡΙΩΝ ΚΑΙ ΠΡΟΧΩΡΗΜΕΝΩΝ ΕΙΣ ΟΛΑ ΤΑ ΣΤΑΔΙΑ ΤΗΣ ΜΑΘΗΣΕΩΣ
Μία ὡραία κατοικία τὸ ὄνειρο κάθε οἰκογενείας
Α. ΜΠΙΡΔΑΣ & ΥΙΟΣ
ΒΑΣΙΛΕΩΣ ΚΩΝΣΤΑΝΤΙΝΟΥ 65, ΘΕΣΣΑΛΟΝΙΚΗ, ΤΗΛΕΦ. 73.453 & 30.502
Β. Κων/νου 65	Π. Λευκού Πύργου
2 Δωμάτια 85 μ2	1 Δωμάτιο 50 μ2
Παύλου Μελά 42	Ρωμανού 3, Π.Α.
3 Δωμάτια 110 μ2	1 Δωμάτιο 40 μ2
Βαλαωρίτου 4	Ολύμπου — Σωκράτους
1 Δωμάτιο 55 μ2	2 Δωμάτια 70 μ2
Α. Γούναρη 9	Βασ. Όλγας 95
3 Δωμάτια 95 μ2	2 Δωμάτια 80 μ2
Αγ. Γεωργίου	Κ. Μελενίκου — Νέα Ζωή
1 Δωμάτιο 70 μ2	2 Δωμάτια 85 μ2
Ἕτοιμα διαμερίσματα
Φθηνότατοι τιμαί
Εὐκολίαι πληρωμῆς
ΕΝΟΙΚΙΑΖΟΝΤΑΙ ΔΙΑΜΕΡΙΣΜΑΤΑ
